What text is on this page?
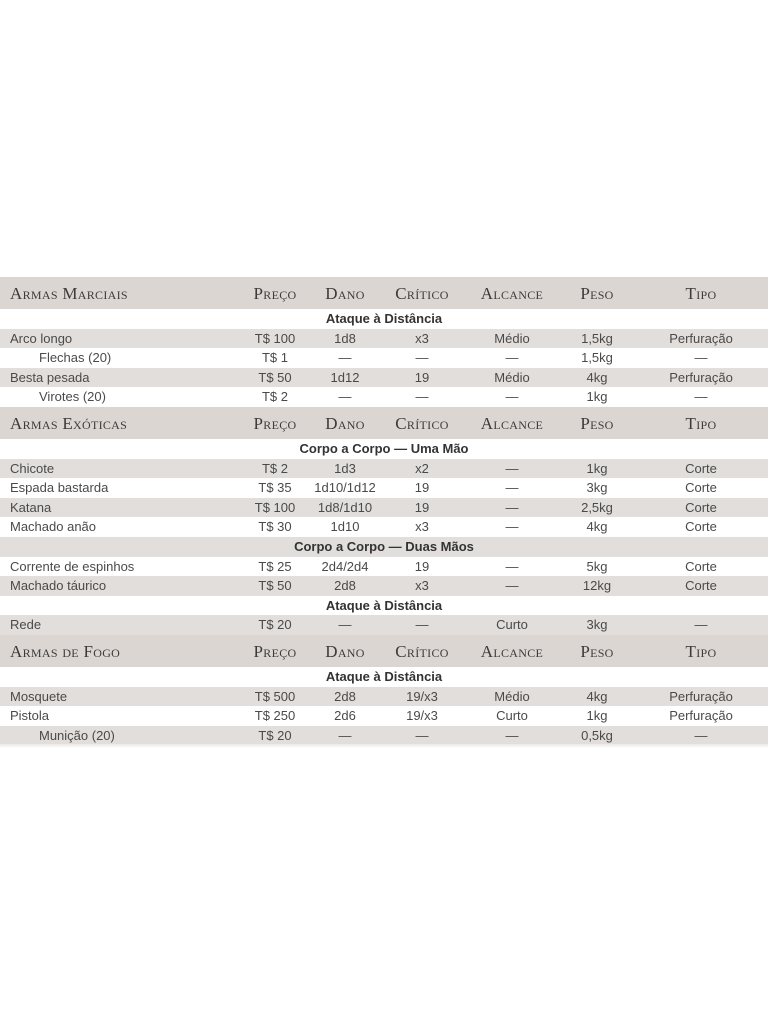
Armas Marciais	Preço	Dano	Crítico	Alcance	Peso	Tipo
Ataque à Distância
Arco longo	T$ 100	1d8	x3	Médio	1,5kg	Perfuração
Flechas (20)	T$ 1	—	—	—	1,5kg	—
Besta pesada	T$ 50	1d12	19	Médio	4kg	Perfuração
Virotes (20)	T$ 2	—	—	—	1kg	—
Armas Exóticas	Preço	Dano	Crítico	Alcance	Peso	Tipo
Corpo a Corpo — Uma Mão
Chicote	T$ 2	1d3	x2	—	1kg	Corte
Espada bastarda	T$ 35	1d10/1d12	19	—	3kg	Corte
Katana	T$ 100	1d8/1d10	19	—	2,5kg	Corte
Machado anão	T$ 30	1d10	x3	—	4kg	Corte
Corpo a Corpo — Duas Mãos
Corrente de espinhos	T$ 25	2d4/2d4	19	—	5kg	Corte
Machado táurico	T$ 50	2d8	x3	—	12kg	Corte
Ataque à Distância
Rede	T$ 20	—	—	Curto	3kg	—
Armas de Fogo	Preço	Dano	Crítico	Alcance	Peso	Tipo
Ataque à Distância
Mosquete	T$ 500	2d8	19/x3	Médio	4kg	Perfuração
Pistola	T$ 250	2d6	19/x3	Curto	1kg	Perfuração
Munição (20)	T$ 20	—	—	—	0,5kg	—
